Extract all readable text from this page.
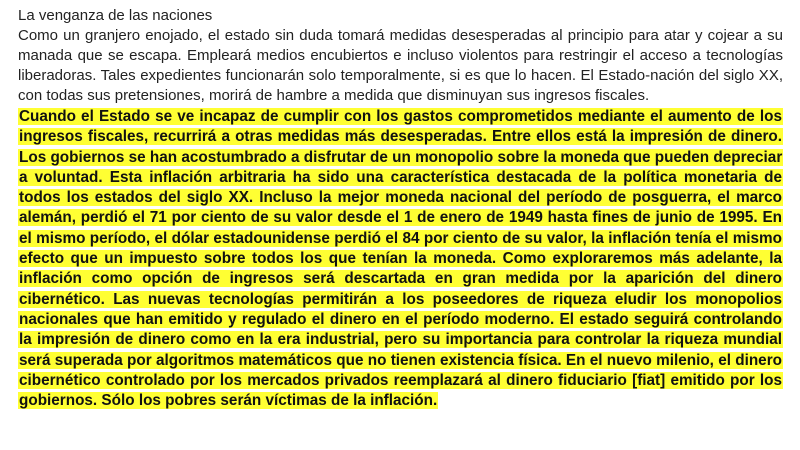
La venganza de las naciones

Como un granjero enojado, el estado sin duda tomará medidas desesperadas al principio para atar y cojear a su manada que se escapa. Empleará medios encubiertos e incluso violentos para restringir el acceso a tecnologías liberadoras. Tales expedientes funcionarán solo temporalmente, si es que lo hacen. El Estado-nación del siglo XX, con todas sus pretensiones, morirá de hambre a medida que disminuyan sus ingresos fiscales.

Cuando el Estado se ve incapaz de cumplir con los gastos comprometidos mediante el aumento de los ingresos fiscales, recurrirá a otras medidas más desesperadas. Entre ellos está la impresión de dinero. Los gobiernos se han acostumbrado a disfrutar de un monopolio sobre la moneda que pueden depreciar a voluntad. Esta inflación arbitraria ha sido una característica destacada de la política monetaria de todos los estados del siglo XX. Incluso la mejor moneda nacional del período de posguerra, el marco alemán, perdió el 71 por ciento de su valor desde el 1 de enero de 1949 hasta fines de junio de 1995. En el mismo período, el dólar estadounidense perdió el 84 por ciento de su valor, la inflación tenía el mismo efecto que un impuesto sobre todos los que tenían la moneda. Como exploraremos más adelante, la inflación como opción de ingresos será descartada en gran medida por la aparición del dinero cibernético. Las nuevas tecnologías permitirán a los poseedores de riqueza eludir los monopolios nacionales que han emitido y regulado el dinero en el período moderno. El estado seguirá controlando la impresión de dinero como en la era industrial, pero su importancia para controlar la riqueza mundial será superada por algoritmos matemáticos que no tienen existencia física. En el nuevo milenio, el dinero cibernético controlado por los mercados privados reemplazará al dinero fiduciario [fiat] emitido por los gobiernos. Sólo los pobres serán víctimas de la inflación.
